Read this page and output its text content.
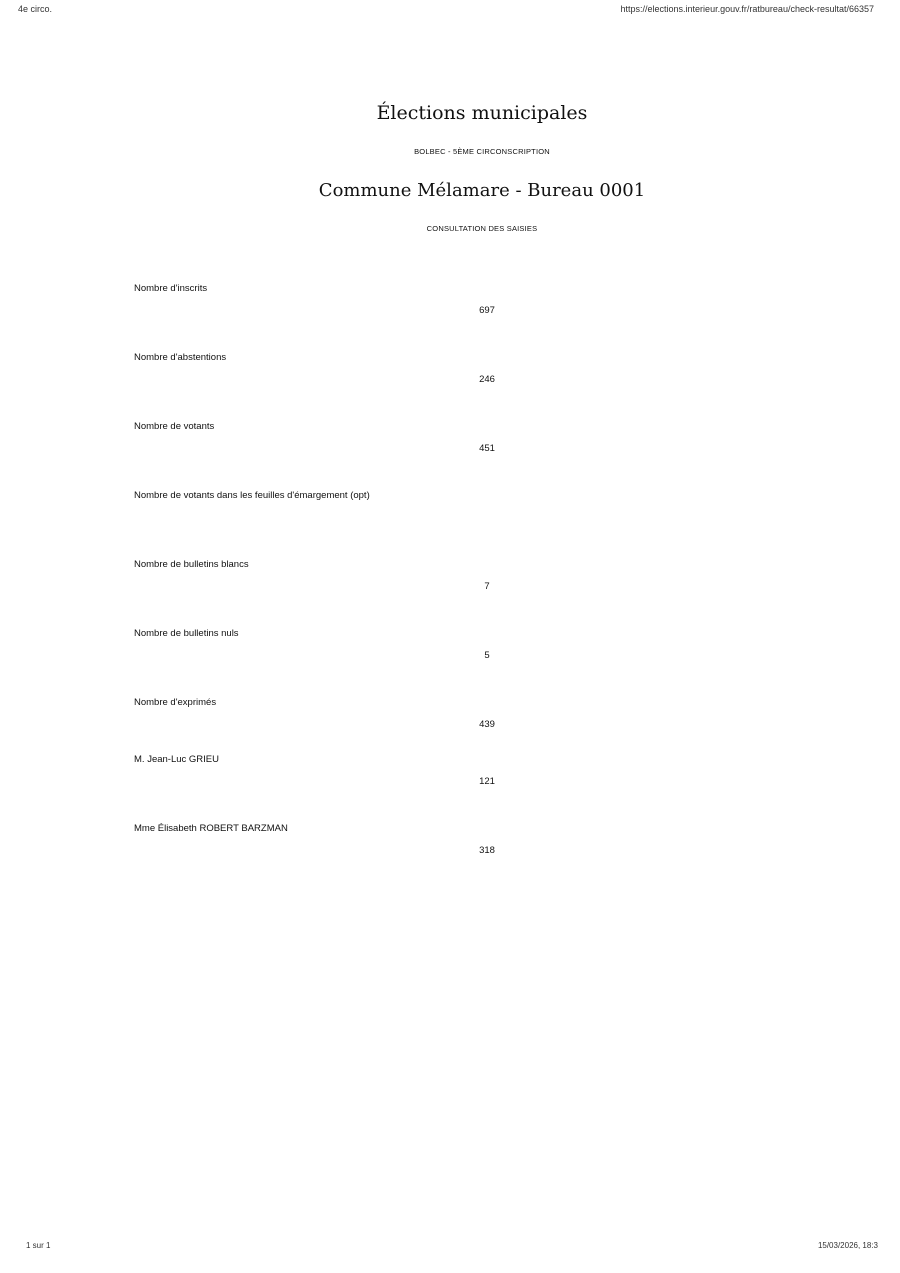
4e circo.	https://elections.interieur.gouv.fr/ratbureau/check-resultat/66357
Élections municipales
BOLBEC - 5ÈME CIRCONSCRIPTION
Commune Mélamare - Bureau 0001
CONSULTATION DES SAISIES
Nombre d'inscrits
697
Nombre d'abstentions
246
Nombre de votants
451
Nombre de votants dans les feuilles d'émargement (opt)
Nombre de bulletins blancs
7
Nombre de bulletins nuls
5
Nombre d'exprimés
439
M. Jean-Luc GRIEU
121
Mme Élisabeth ROBERT BARZMAN
318
1 sur 1	15/03/2026, 18:3
